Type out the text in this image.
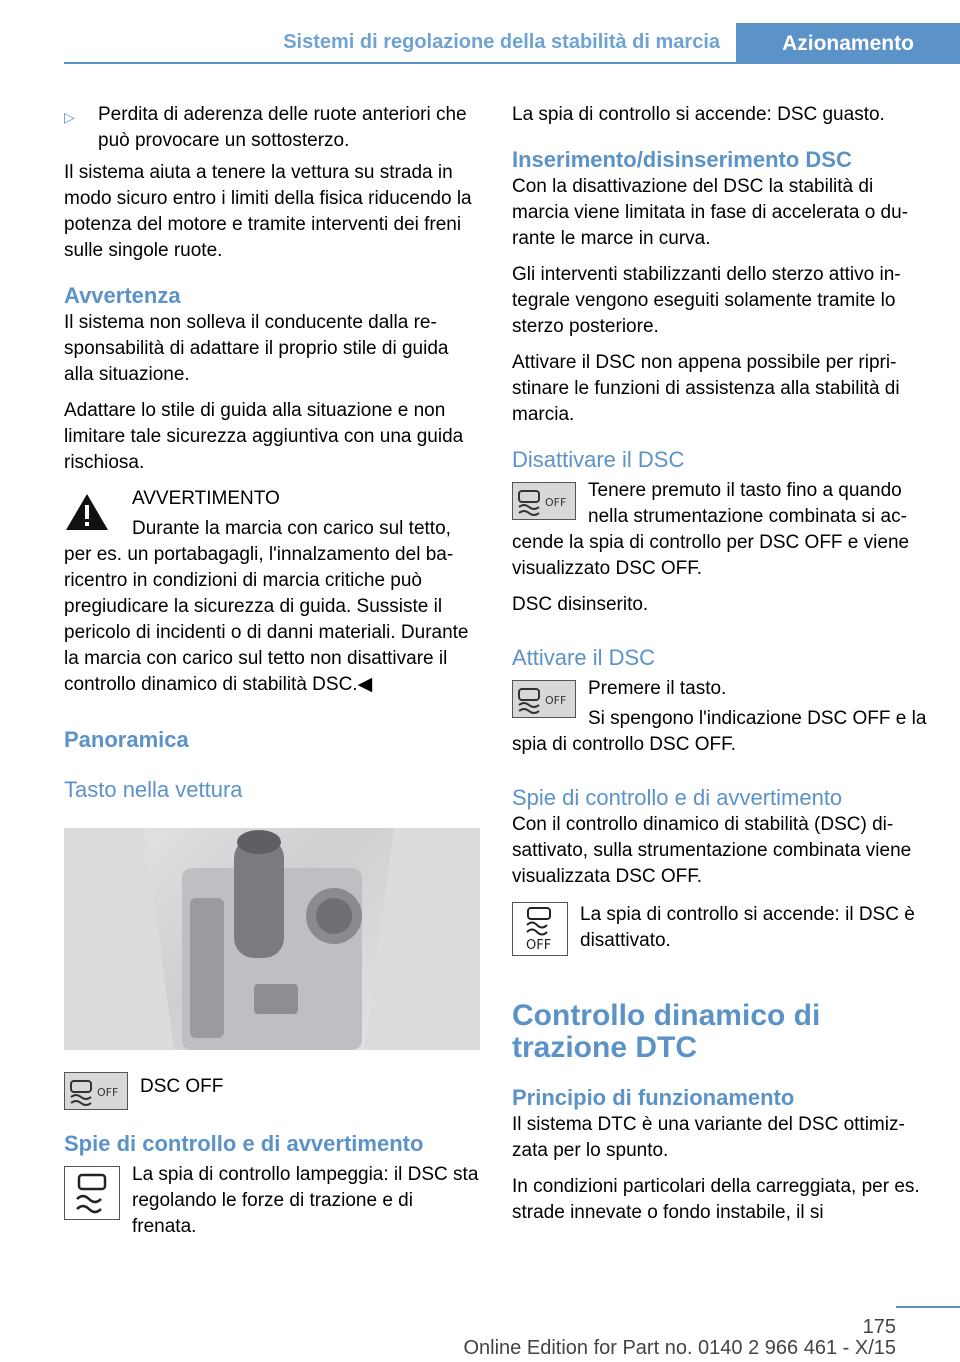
Sistemi di regolazione della stabilità di marcia	Azionamento
▷	Perdita di aderenza delle ruote anteriori che può provocare un sottosterzo.

Il sistema aiuta a tenere la vettura su strada in modo sicuro entro i limiti della fisica riducendo la potenza del motore e tramite interventi dei freni sulle singole ruote.

Avvertenza

Il sistema non solleva il conducente dalla responsabilità di adattare il proprio stile di guida alla situazione.

Adattare lo stile di guida alla situazione e non limitare tale sicurezza aggiuntiva con una guida rischiosa.

AVVERTIMENTO
Durante la marcia con carico sul tetto, per es. un portabagagli, l'innalzamento del baricentro in condizioni di marcia critiche può pregiudicare la sicurezza di guida. Sussiste il pericolo di incidenti o di danni materiali. Durante la marcia con carico sul tetto non disattivare il controllo dinamico di stabilità DSC.◀
Panoramica
Tasto nella vettura
OFF	DSC OFF
Spie di controllo e di avvertimento
La spia di controllo lampeggia: il DSC sta regolando le forze di trazione e di frenata.

La spia di controllo si accende: DSC guasto.

Inserimento/disinserimento DSC

Con la disattivazione del DSC la stabilità di marcia viene limitata in fase di accelerata o durante le marce in curva.

Gli interventi stabilizzanti dello sterzo attivo integrale vengono eseguiti solamente tramite lo sterzo posteriore.

Attivare il DSC non appena possibile per ripristinare le funzioni di assistenza alla stabilità di marcia.

Disattivare il DSC
OFF

Tenere premuto il tasto fino a quando nella strumentazione combinata si accende la spia di controllo per DSC OFF e viene visualizzato DSC OFF.

DSC disinserito.

Attivare il DSC
OFF

Premere il tasto.

Si spengono l'indicazione DSC OFF e la spia di controllo DSC OFF.

Spie di controllo e di avvertimento

Con il controllo dinamico di stabilità (DSC) disattivato, sulla strumentazione combinata viene visualizzata DSC OFF.

OFF
La spia di controllo si accende: il DSC è disattivato.
Controllo dinamico di trazione DTC
Principio di funzionamento

Il sistema DTC è una variante del DSC ottimizzata per lo spunto.

In condizioni particolari della carreggiata, per es. strade innevate o fondo instabile, il si

175
Online Edition for Part no. 0140 2 966 461 - X/15
